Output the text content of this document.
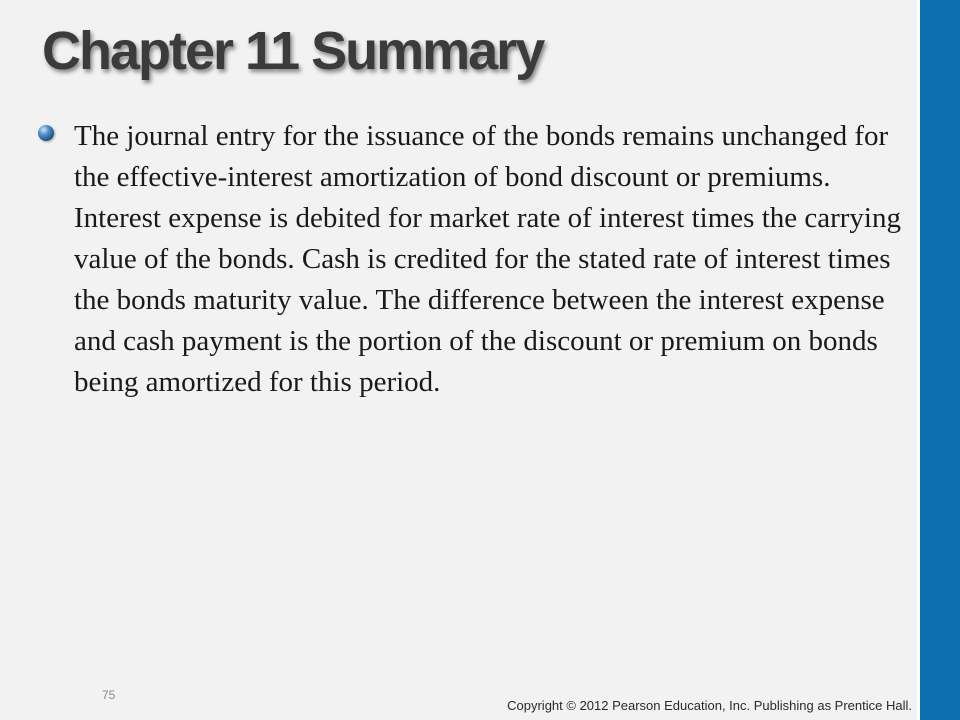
Chapter 11 Summary

The journal entry for the issuance of the bonds remains unchanged for the effective-interest amortization of bond discount or premiums. Interest expense is debited for market rate of interest times the carrying value of the bonds. Cash is credited for the stated rate of interest times the bonds maturity value. The difference between the interest expense and cash payment is the portion of the discount or premium on bonds being amortized for this period.

75
Copyright © 2012 Pearson Education, Inc. Publishing as Prentice Hall.
